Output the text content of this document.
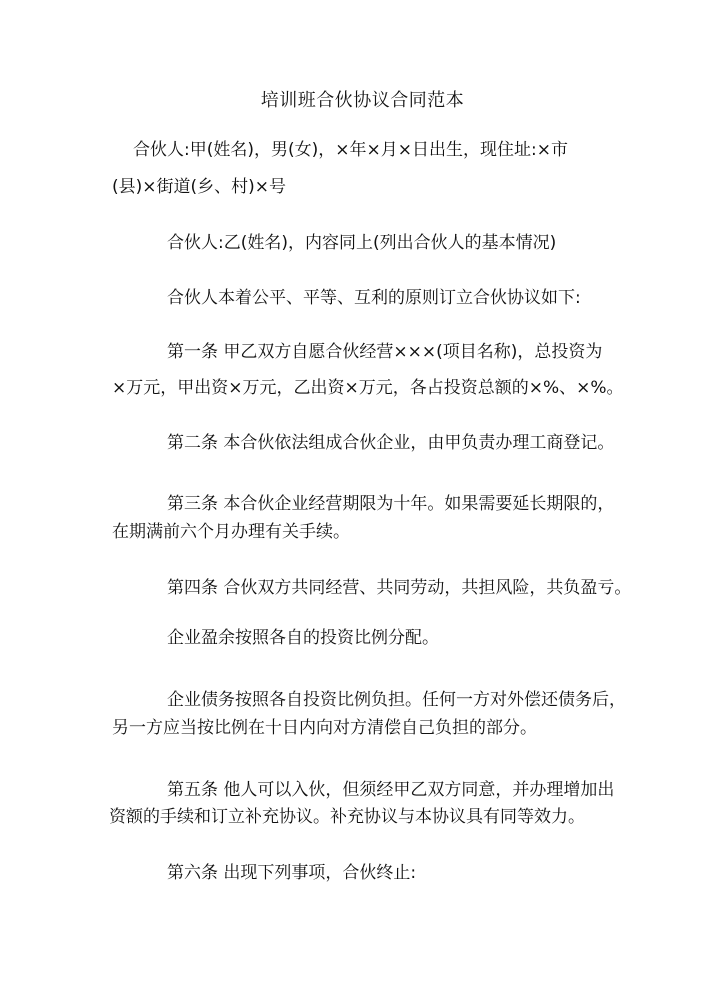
培训班合伙协议合同范本
合伙人:甲(姓名)，男(女)，×年×月×日出生，现住址:×市
(县)×街道(乡、村)×号
合伙人:乙(姓名)，内容同上(列出合伙人的基本情况)
合伙人本着公平、平等、互利的原则订立合伙协议如下:
第一条 甲乙双方自愿合伙经营×××(项目名称)，总投资为
×万元，甲出资×万元，乙出资×万元，各占投资总额的×%、×%。
第二条 本合伙依法组成合伙企业，由甲负责办理工商登记。
第三条 本合伙企业经营期限为十年。如果需要延长期限的，
在期满前六个月办理有关手续。
第四条 合伙双方共同经营、共同劳动，共担风险，共负盈亏。
企业盈余按照各自的投资比例分配。
企业债务按照各自投资比例负担。任何一方对外偿还债务后，
另一方应当按比例在十日内向对方清偿自己负担的部分。
第五条 他人可以入伙，但须经甲乙双方同意，并办理增加出
资额的手续和订立补充协议。补充协议与本协议具有同等效力。
第六条 出现下列事项，合伙终止:
